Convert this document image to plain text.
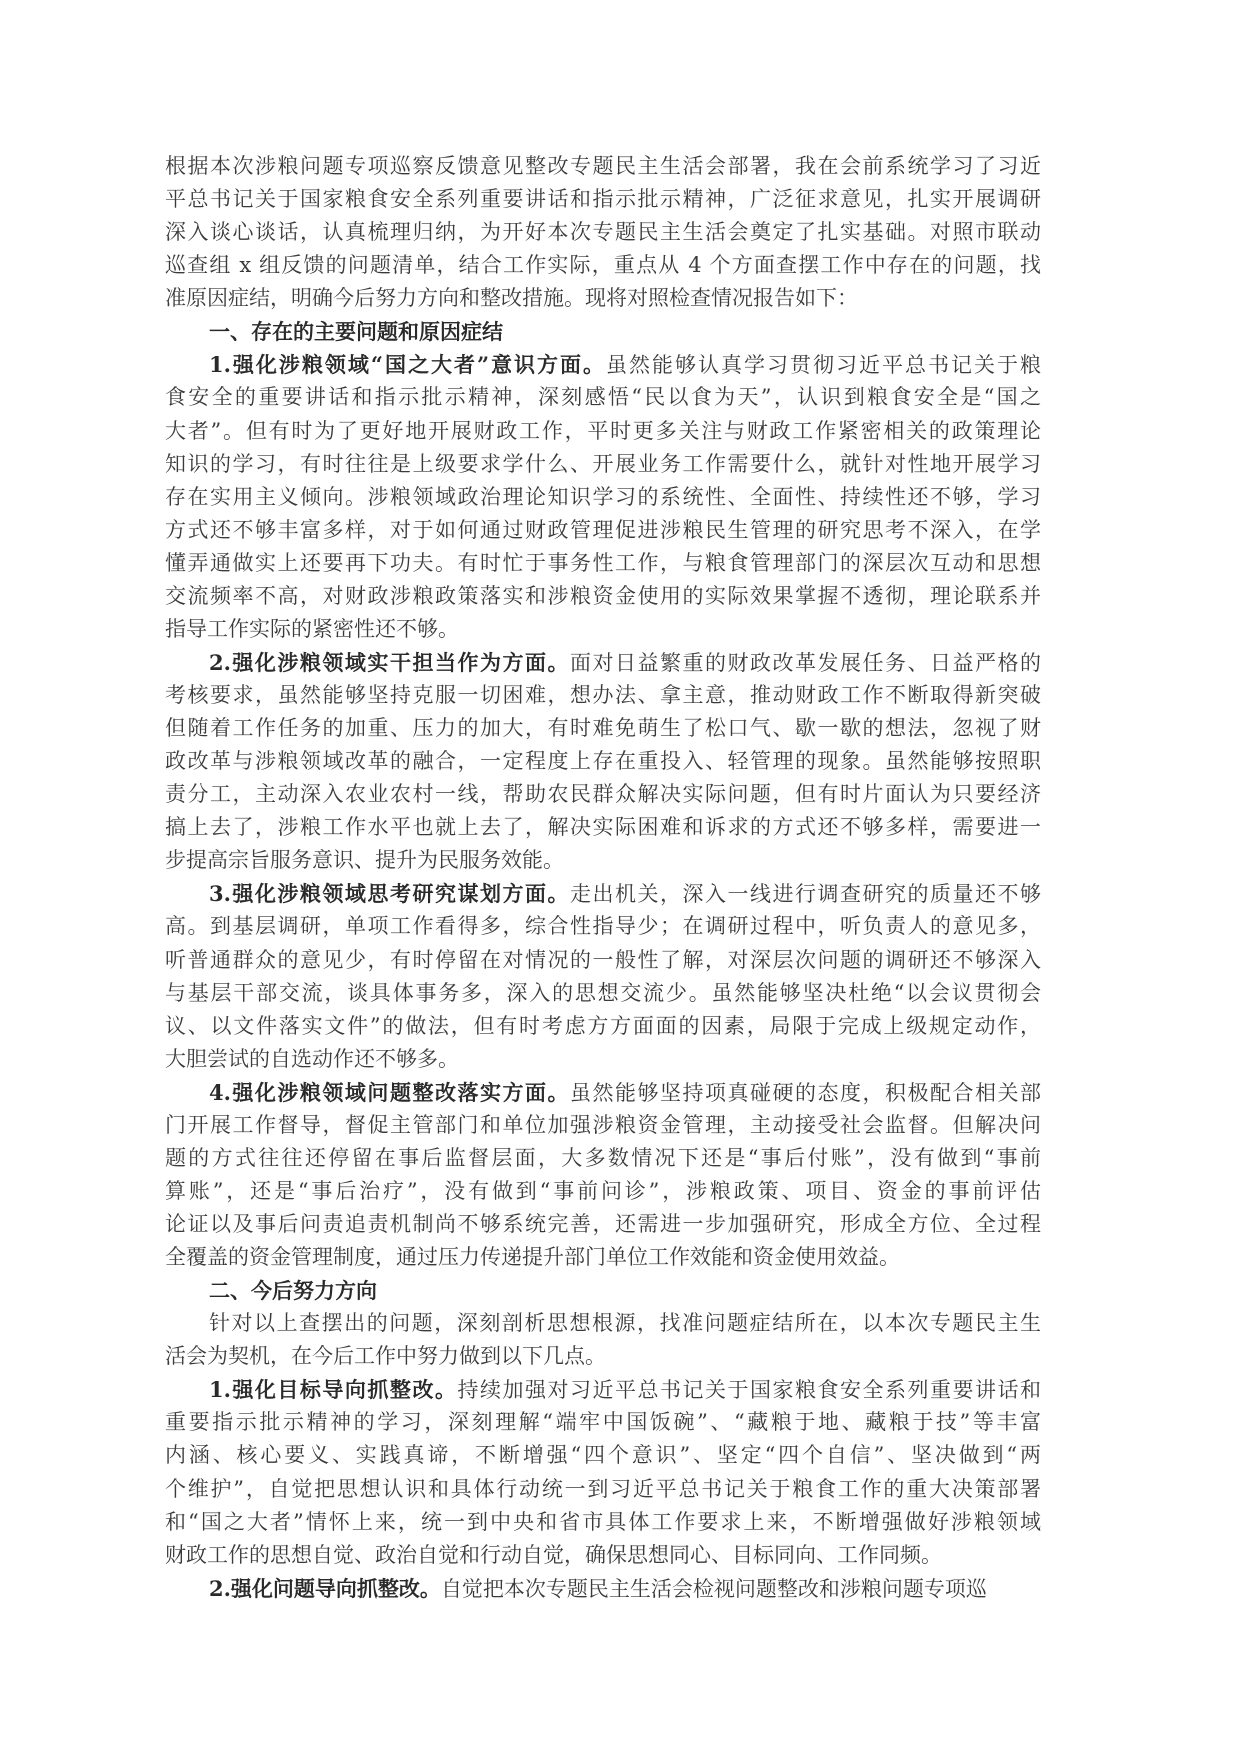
根据本次涉粮问题专项巡察反馈意见整改专题民主生活会部署，我在会前系统学习了习近
平总书记关于国家粮食安全系列重要讲话和指示批示精神，广泛征求意见，扎实开展调研
深入谈心谈话，认真梳理归纳，为开好本次专题民主生活会奠定了扎实基础。对照市联动
巡查组 x 组反馈的问题清单，结合工作实际，重点从 4 个方面查摆工作中存在的问题，找
准原因症结，明确今后努力方向和整改措施。现将对照检查情况报告如下：
一、存在的主要问题和原因症结
1.强化涉粮领域“国之大者”意识方面。虽然能够认真学习贯彻习近平总书记关于粮
食安全的重要讲话和指示批示精神，深刻感悟“民以食为天”，认识到粮食安全是“国之
大者”。但有时为了更好地开展财政工作，平时更多关注与财政工作紧密相关的政策理论
知识的学习，有时往往是上级要求学什么、开展业务工作需要什么，就针对性地开展学习
存在实用主义倾向。涉粮领域政治理论知识学习的系统性、全面性、持续性还不够，学习
方式还不够丰富多样，对于如何通过财政管理促进涉粮民生管理的研究思考不深入，在学
懂弄通做实上还要再下功夫。有时忙于事务性工作，与粮食管理部门的深层次互动和思想
交流频率不高，对财政涉粮政策落实和涉粮资金使用的实际效果掌握不透彻，理论联系并
指导工作实际的紧密性还不够。
2.强化涉粮领域实干担当作为方面。面对日益繁重的财政改革发展任务、日益严格的
考核要求，虽然能够坚持克服一切困难，想办法、拿主意，推动财政工作不断取得新突破
但随着工作任务的加重、压力的加大，有时难免萌生了松口气、歇一歇的想法，忽视了财
政改革与涉粮领域改革的融合，一定程度上存在重投入、轻管理的现象。虽然能够按照职
责分工，主动深入农业农村一线，帮助农民群众解决实际问题，但有时片面认为只要经济
搞上去了，涉粮工作水平也就上去了，解决实际困难和诉求的方式还不够多样，需要进一
步提高宗旨服务意识、提升为民服务效能。
3.强化涉粮领域思考研究谋划方面。走出机关，深入一线进行调查研究的质量还不够
高。到基层调研，单项工作看得多，综合性指导少；在调研过程中，听负责人的意见多，
听普通群众的意见少，有时停留在对情况的一般性了解，对深层次问题的调研还不够深入
与基层干部交流，谈具体事务多，深入的思想交流少。虽然能够坚决杜绝“以会议贯彻会
议、以文件落实文件”的做法，但有时考虑方方面面的因素，局限于完成上级规定动作，
大胆尝试的自选动作还不够多。
4.强化涉粮领域问题整改落实方面。虽然能够坚持项真碰硬的态度，积极配合相关部
门开展工作督导，督促主管部门和单位加强涉粮资金管理，主动接受社会监督。但解决问
题的方式往往还停留在事后监督层面，大多数情况下还是“事后付账”，没有做到“事前
算账”，还是“事后治疗”，没有做到“事前问诊”，涉粮政策、项目、资金的事前评估
论证以及事后问责追责机制尚不够系统完善，还需进一步加强研究，形成全方位、全过程
全覆盖的资金管理制度，通过压力传递提升部门单位工作效能和资金使用效益。
二、今后努力方向
针对以上查摆出的问题，深刻剖析思想根源，找准问题症结所在，以本次专题民主生
活会为契机，在今后工作中努力做到以下几点。
1.强化目标导向抓整改。持续加强对习近平总书记关于国家粮食安全系列重要讲话和
重要指示批示精神的学习，深刻理解“端牢中国饭碗”、“藏粮于地、藏粮于技”等丰富
内涵、核心要义、实践真谛，不断增强“四个意识”、坚定“四个自信”、坚决做到“两
个维护”，自觉把思想认识和具体行动统一到习近平总书记关于粮食工作的重大决策部署
和“国之大者”情怀上来，统一到中央和省市具体工作要求上来，不断增强做好涉粮领域
财政工作的思想自觉、政治自觉和行动自觉，确保思想同心、目标同向、工作同频。
2.强化问题导向抓整改。自觉把本次专题民主生活会检视问题整改和涉粮问题专项巡
